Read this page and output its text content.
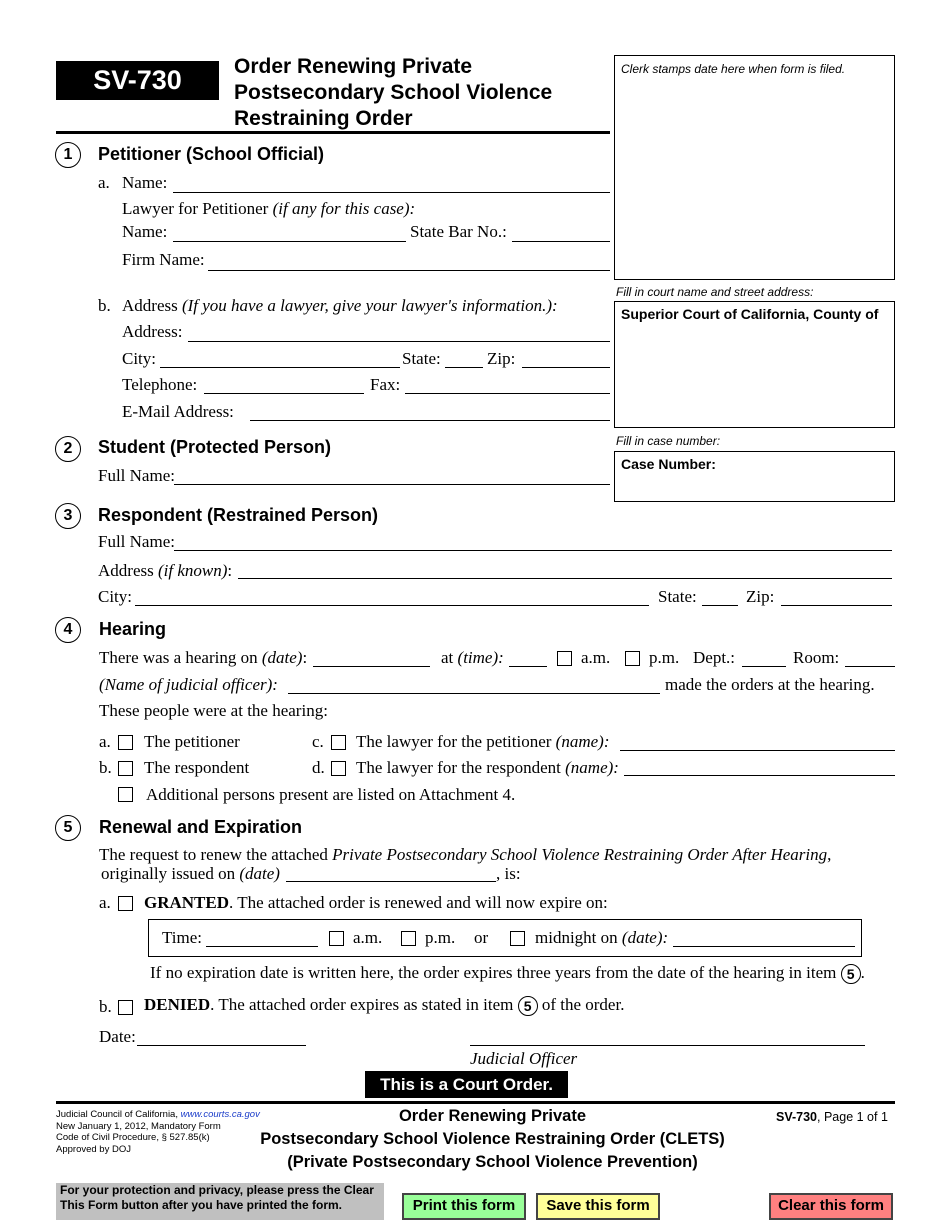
SV-730	Order Renewing Private
Postsecondary School Violence
Restraining Order
Clerk stamps date here when form is filed.
Fill in court name and street address:
Superior Court of California, County of
Fill in case number:
Case Number:
1	Petitioner (School Official)
a. Name:
Lawyer for Petitioner (if any for this case):
Name:	State Bar No.:
Firm Name:
b. Address (If you have a lawyer, give your lawyer's information.):
Address:
City:	State:	Zip:
Telephone:	Fax:
E-Mail Address:
2	Student (Protected Person)
Full Name:
3	Respondent (Restrained Person)
Full Name:
Address (if known):
City:	State:	Zip:
4	Hearing
There was a hearing on (date):	at (time):	a.m. p.m. Dept.:	Room:
(Name of judicial officer):	made the orders at the hearing.
These people were at the hearing:
a. The petitioner	c. The lawyer for the petitioner (name):
b. The respondent	d. The lawyer for the respondent (name):
Additional persons present are listed on Attachment 4.
5	Renewal and Expiration
The request to renew the attached Private Postsecondary School Violence Restraining Order After Hearing,
originally issued on (date)	, is:
a. GRANTED. The attached order is renewed and will now expire on:
Time:	a.m.	p.m. or	midnight on (date):
If no expiration date is written here, the order expires three years from the date of the hearing in item 5 .
b. DENIED. The attached order expires as stated in item 5 of the order.
Date:
Judicial Officer
This is a Court Order.
Judicial Council of California, www.courts.ca.gov
New January 1, 2012, Mandatory Form
Code of Civil Procedure, § 527.85(k)
Approved by DOJ
Order Renewing Private
Postsecondary School Violence Restraining Order (CLETS)
(Private Postsecondary School Violence Prevention)
SV-730, Page 1 of 1
For your protection and privacy, please press the Clear This Form button after you have printed the form.	Print this form	Save this form	Clear this form
